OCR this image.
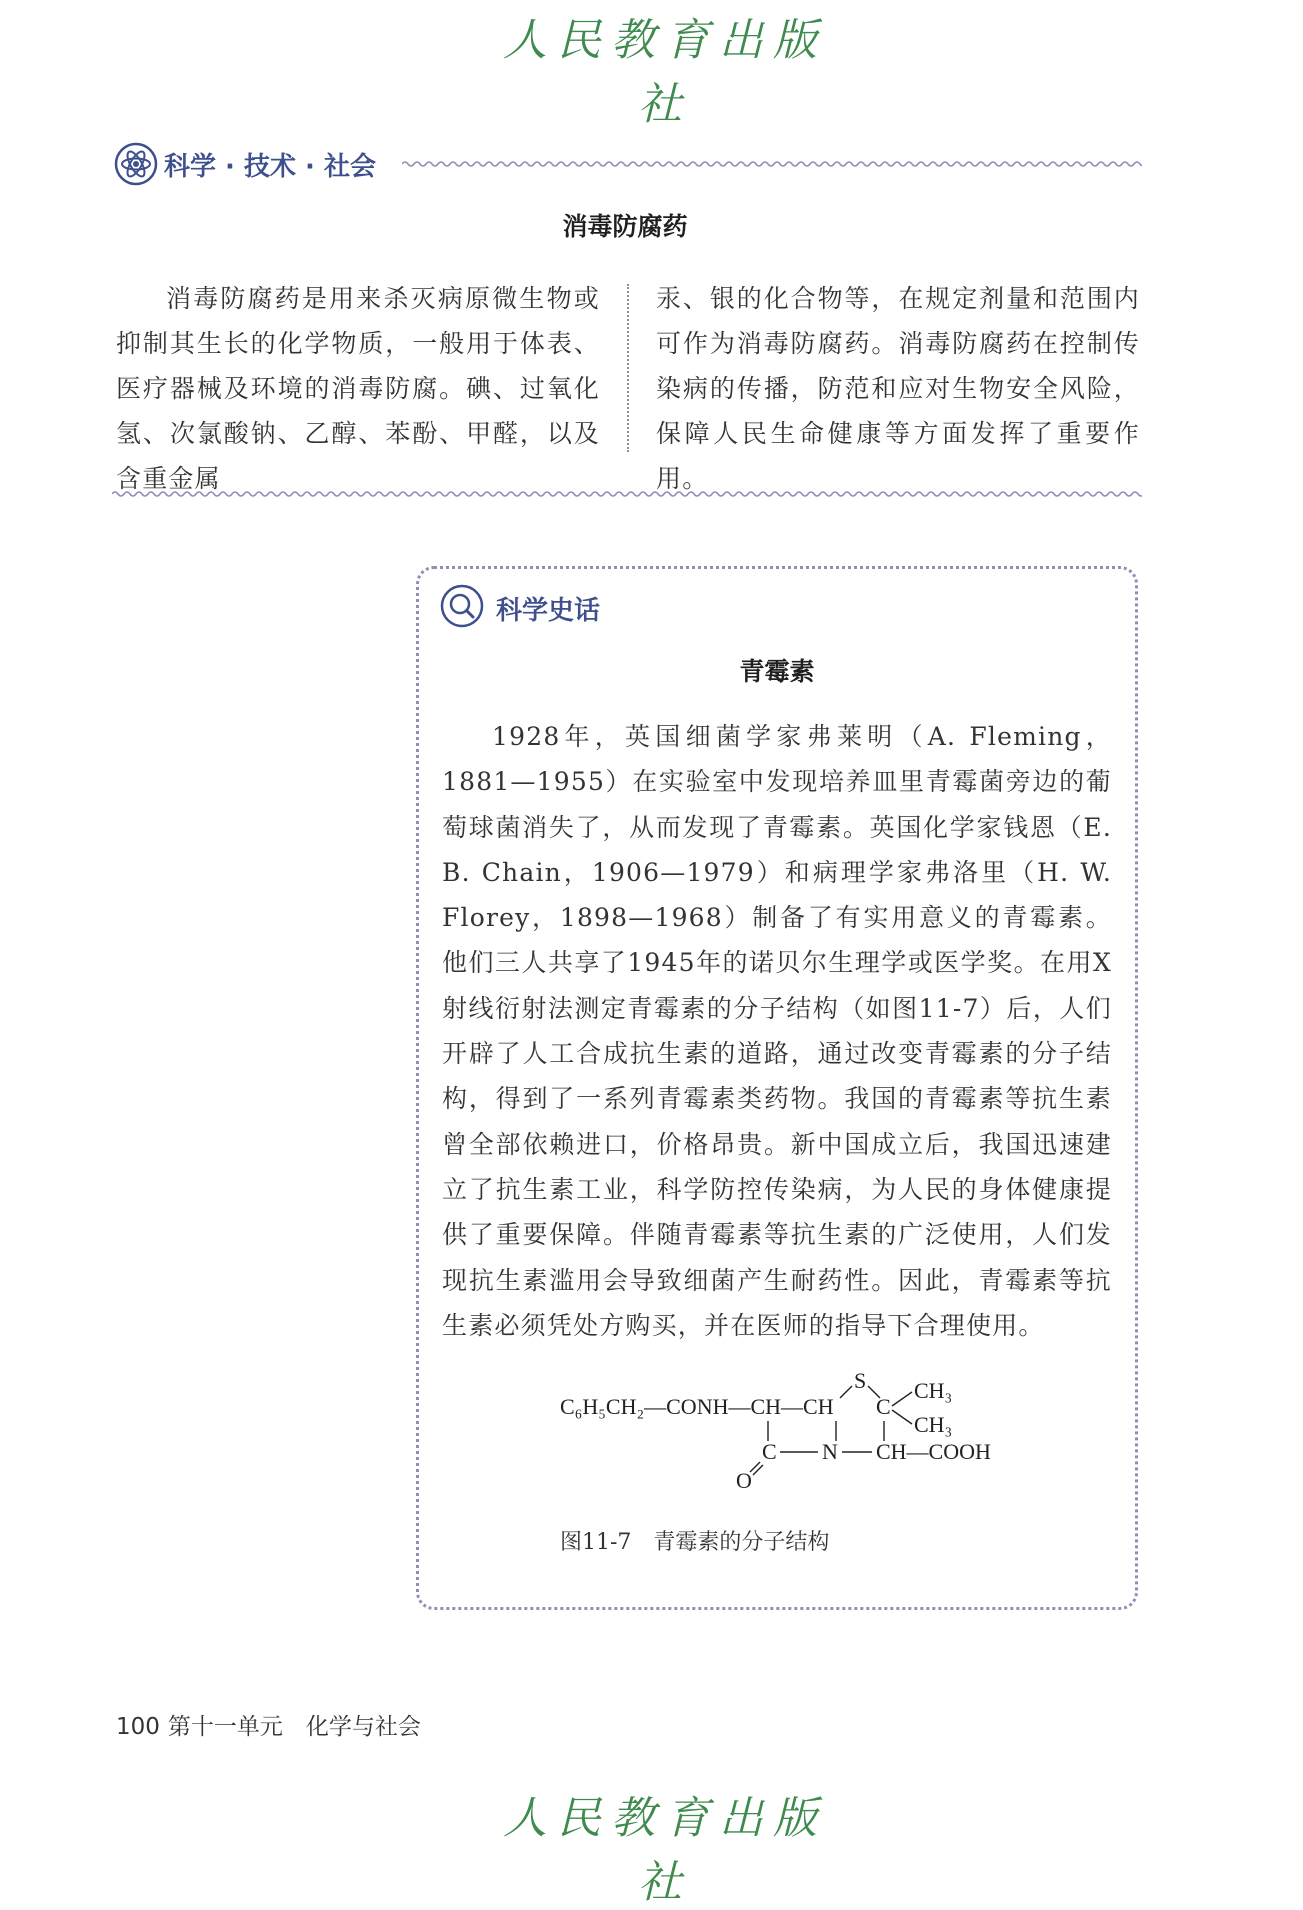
人民教育出版社
科学 · 技术 · 社会
消毒防腐药
消毒防腐药是用来杀灭病原微生物或抑制其生长的化学物质，一般用于体表、医疗器械及环境的消毒防腐。碘、过氧化氢、次氯酸钠、乙醇、苯酚、甲醛，以及含重金属
汞、银的化合物等，在规定剂量和范围内可作为消毒防腐药。消毒防腐药在控制传染病的传播，防范和应对生物安全风险，保障人民生命健康等方面发挥了重要作用。
科学史话
青霉素
1928年，英国细菌学家弗莱明（A. Fleming，1881—1955）在实验室中发现培养皿里青霉菌旁边的葡萄球菌消失了，从而发现了青霉素。英国化学家钱恩（E. B. Chain，1906—1979）和病理学家弗洛里（H. W. Florey，1898—1968）制备了有实用意义的青霉素。他们三人共享了1945年的诺贝尔生理学或医学奖。在用X射线衍射法测定青霉素的分子结构（如图11-7）后，人们开辟了人工合成抗生素的道路，通过改变青霉素的分子结构，得到了一系列青霉素类药物。我国的青霉素等抗生素曾全部依赖进口，价格昂贵。新中国成立后，我国迅速建立了抗生素工业，科学防控传染病，为人民的身体健康提供了重要保障。伴随青霉素等抗生素的广泛使用，人们发现抗生素滥用会导致细菌产生耐药性。因此，青霉素等抗生素必须凭处方购买，并在医师的指导下合理使用。
C₆H₅CH₂—CONH—CH—CH
S
C
CH₃
CH₃
C N CH—COOH
O
图11-7　青霉素的分子结构
100 第十一单元　化学与社会
人民教育出版社
